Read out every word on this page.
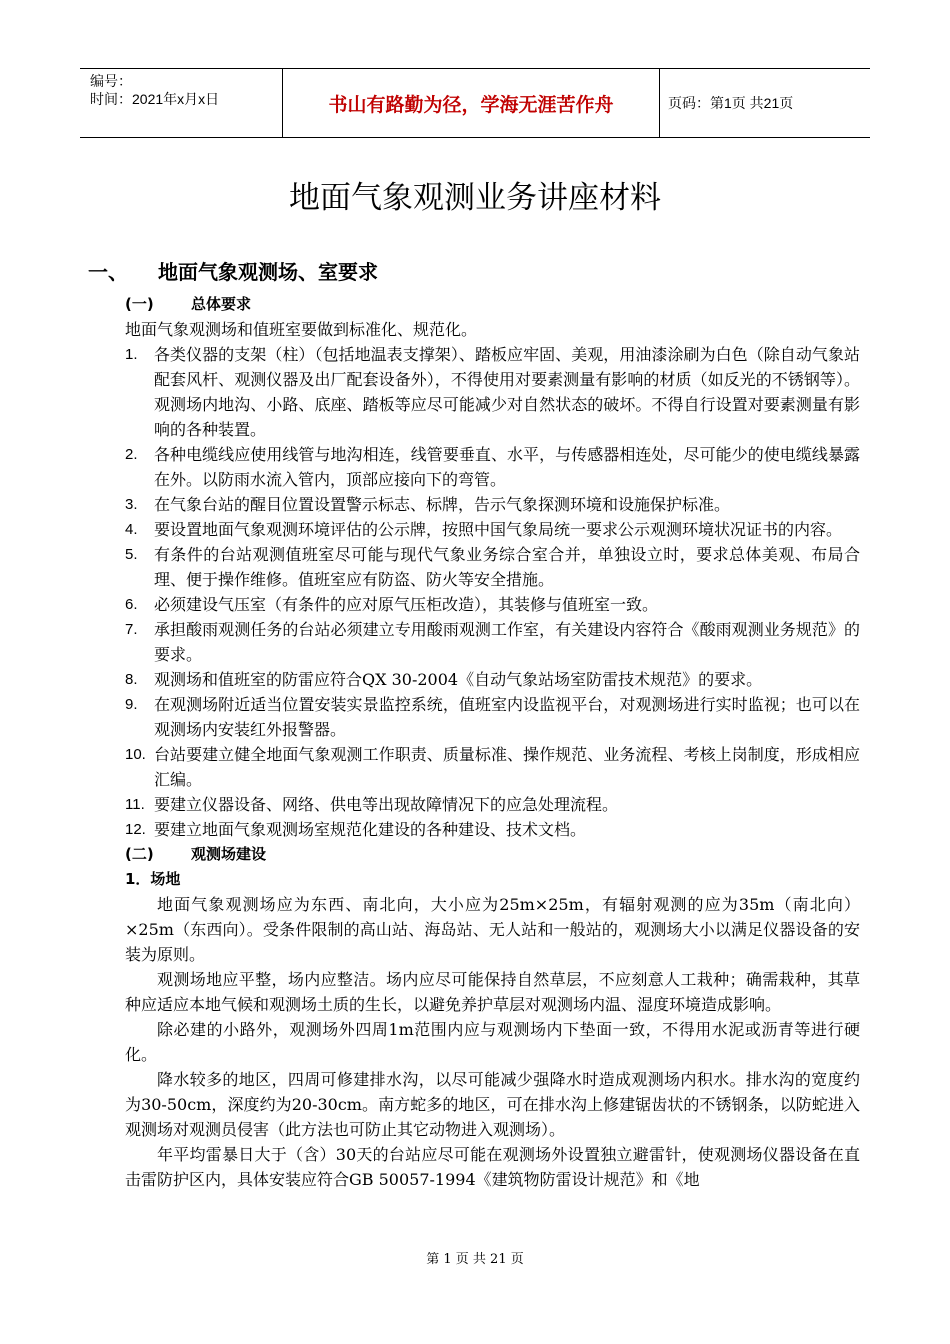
编号：
时间：2021年x月x日	书山有路勤为径，学海无涯苦作舟	页码：第1页 共21页
地面气象观测业务讲座材料
一、 地面气象观测场、室要求

(一) 总体要求

地面气象观测场和值班室要做到标准化、规范化。

1. 各类仪器的支架（柱）（包括地温表支撑架）、踏板应牢固、美观，用油漆涂刷为白色（除自动气象站配套风杆、观测仪器及出厂配套设备外），不得使用对要素测量有影响的材质（如反光的不锈钢等）。观测场内地沟、小路、底座、踏板等应尽可能减少对自然状态的破坏。不得自行设置对要素测量有影响的各种装置。
2. 各种电缆线应使用线管与地沟相连，线管要垂直、水平，与传感器相连处，尽可能少的使电缆线暴露在外。以防雨水流入管内，顶部应接向下的弯管。
3. 在气象台站的醒目位置设置警示标志、标牌，告示气象探测环境和设施保护标准。
4. 要设置地面气象观测环境评估的公示牌，按照中国气象局统一要求公示观测环境状况证书的内容。
5. 有条件的台站观测值班室尽可能与现代气象业务综合室合并，单独设立时，要求总体美观、布局合理、便于操作维修。值班室应有防盗、防火等安全措施。
6. 必须建设气压室（有条件的应对原气压柜改造），其装修与值班室一致。
7. 承担酸雨观测任务的台站必须建立专用酸雨观测工作室，有关建设内容符合《酸雨观测业务规范》的要求。
8. 观测场和值班室的防雷应符合QX 30-2004《自动气象站场室防雷技术规范》的要求。
9. 在观测场附近适当位置安装实景监控系统，值班室内设监视平台，对观测场进行实时监视；也可以在观测场内安装红外报警器。
10. 台站要建立健全地面气象观测工作职责、质量标准、操作规范、业务流程、考核上岗制度，形成相应汇编。
11. 要建立仪器设备、网络、供电等出现故障情况下的应急处理流程。
12. 要建立地面气象观测场室规范化建设的各种建设、技术文档。

(二) 观测场建设

1．场地

地面气象观测场应为东西、南北向，大小应为25m×25m，有辐射观测的应为35m（南北向）×25m（东西向）。受条件限制的高山站、海岛站、无人站和一般站的，观测场大小以满足仪器设备的安装为原则。

观测场地应平整，场内应整洁。场内应尽可能保持自然草层，不应刻意人工栽种；确需栽种，其草种应适应本地气候和观测场土质的生长，以避免养护草层对观测场内温、湿度环境造成影响。

除必建的小路外，观测场外四周1m范围内应与观测场内下垫面一致，不得用水泥或沥青等进行硬化。

降水较多的地区，四周可修建排水沟，以尽可能减少强降水时造成观测场内积水。排水沟的宽度约为30-50cm，深度约为20-30cm。南方蛇多的地区，可在排水沟上修建锯齿状的不锈钢条，以防蛇进入观测场对观测员侵害（此方法也可防止其它动物进入观测场）。

年平均雷暴日大于（含）30天的台站应尽可能在观测场外设置独立避雷针，使观测场仪器设备在直击雷防护区内，具体安装应符合GB 50057-1994《建筑物防雷设计规范》和《地

第 1 页 共 21 页
